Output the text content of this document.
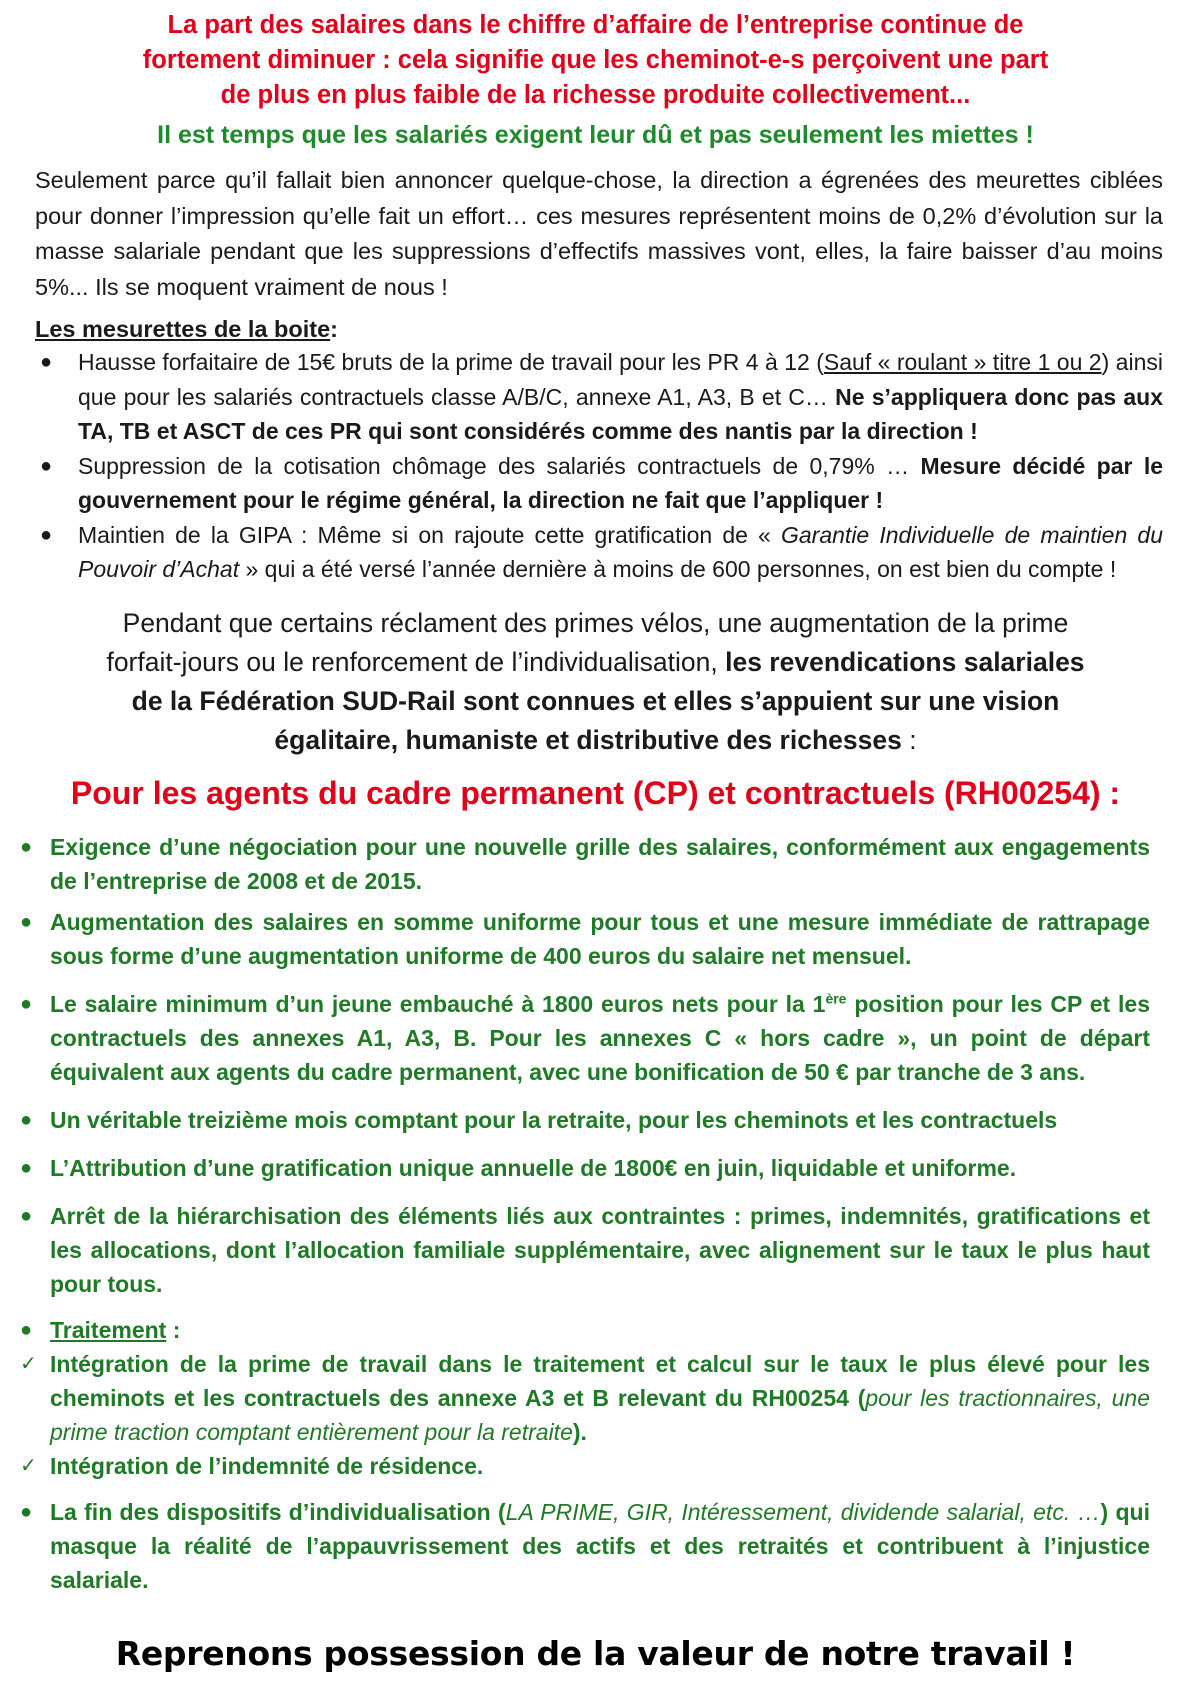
La part des salaires dans le chiffre d’affaire de l’entreprise continue de
fortement diminuer : cela signifie que les cheminot-e-s perçoivent une part
de plus en plus faible de la richesse produite collectivement...
Il est temps que les salariés exigent leur dû et pas seulement les miettes !
Seulement parce qu’il fallait bien annoncer quelque-chose, la direction a égrenées des meurettes ciblées pour donner l’impression qu’elle fait un effort… ces mesures représentent moins de 0,2% d’évolution sur la masse salariale pendant que les suppressions d’effectifs massives vont, elles, la faire baisser d’au moins 5%... Ils se moquent vraiment de nous !
Les mesurettes de la boite:
● Hausse forfaitaire de 15€ bruts de la prime de travail pour les PR 4 à 12 (Sauf « roulant » titre 1 ou 2) ainsi que pour les salariés contractuels classe A/B/C, annexe A1, A3, B et C… Ne s’appliquera donc pas aux TA, TB et ASCT de ces PR qui sont considérés comme des nantis par la direction !
● Suppression de la cotisation chômage des salariés contractuels de 0,79% … Mesure décidé par le gouvernement pour le régime général, la direction ne fait que l’appliquer !
● Maintien de la GIPA : Même si on rajoute cette gratification de « Garantie Individuelle de maintien du Pouvoir d’Achat » qui a été versé l’année dernière à moins de 600 personnes, on est bien du compte !
Pendant que certains réclament des primes vélos, une augmentation de la prime
forfait-jours ou le renforcement de l’individualisation, les revendications salariales
de la Fédération SUD-Rail sont connues et elles s’appuient sur une vision
égalitaire, humaniste et distributive des richesses :
Pour les agents du cadre permanent (CP) et contractuels (RH00254) :
● Exigence d’une négociation pour une nouvelle grille des salaires, conformément aux engagements de l’entreprise de 2008 et de 2015.
● Augmentation des salaires en somme uniforme pour tous et une mesure immédiate de rattrapage sous forme d’une augmentation uniforme de 400 euros du salaire net mensuel.
● Le salaire minimum d’un jeune embauché à 1800 euros nets pour la 1ère position pour les CP et les contractuels des annexes A1, A3, B. Pour les annexes C « hors cadre », un point de départ équivalent aux agents du cadre permanent, avec une bonification de 50 € par tranche de 3 ans.
● Un véritable treizième mois comptant pour la retraite, pour les cheminots et les contractuels
● L’Attribution d’une gratification unique annuelle de 1800€ en juin, liquidable et uniforme.
● Arrêt de la hiérarchisation des éléments liés aux contraintes : primes, indemnités, gratifications et les allocations, dont l’allocation familiale supplémentaire, avec alignement sur le taux le plus haut pour tous.
● Traitement :
✓ Intégration de la prime de travail dans le traitement et calcul sur le taux le plus élevé pour les cheminots et les contractuels des annexe A3 et B relevant du RH00254 (pour les tractionnaires, une prime traction comptant entièrement pour la retraite).
✓ Intégration de l’indemnité de résidence.
● La fin des dispositifs d’individualisation (LA PRIME, GIR, Intéressement, dividende salarial, etc. …) qui masque la réalité de l’appauvrissement des actifs et des retraités et contribuent à l’injustice salariale.
Reprenons possession de la valeur de notre travail !
